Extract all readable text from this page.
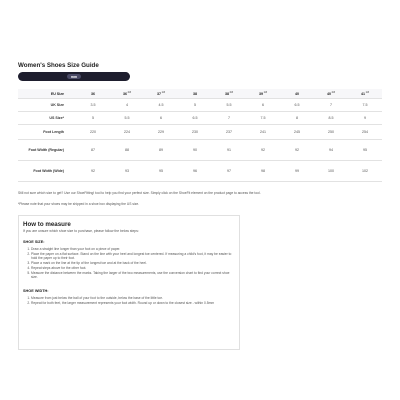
Women's Shoes Size Guide

mm
EU Size	36	36 $^{2/3}$	37 $^{1/3}$	38	38 $^{2/3}$	39 $^{1/3}$	40	40 $^{2/3}$	41 $^{1/3}$
UK Size	3.5	4	4.5	5	5.5	6	6.5	7	7.5
US Size*	5	5.5	6	6.5	7	7.5	8	8.5	9
Foot Length	220	224	229	230	237	241	245	250	254
Foot Width (Regular)	87	88	89	90	91	92	92	94	95
Foot Width (Wide)	92	93	95	96	97	98	99	100	102

Still not sure which size to get? Use our ShoeFitting! tool to help you find your perfect size. Simply click on the ShoeFit element on the product page to access the tool.

*Please note that your shoes may be shipped in a shoe box displaying the US size.

How to measure

If you are unsure which shoe size to purchase, please follow the below steps:

SHOE SIZE:

1. Draw a straight line longer than your foot on a piece of paper.
2. Place the paper on a flat surface. Stand on the line with your heel and longest toe centered. If measuring a child's foot, it may be easier to hold the paper up to their foot.
3. Place a mark on the line at the tip of the longest toe and at the back of the heel.
4. Repeat steps above for the other foot.
5. Measure the distance between the marks. Taking the larger of the two measurements, use the conversion chart to find your correct shoe size.

SHOE WIDTH:

1. Measure from just below the ball of your foot to the outside, below the base of the little toe.
2. Repeat for both feet, the larger measurement represents your foot width. Round up or down to the closest size - within 0.5mm
